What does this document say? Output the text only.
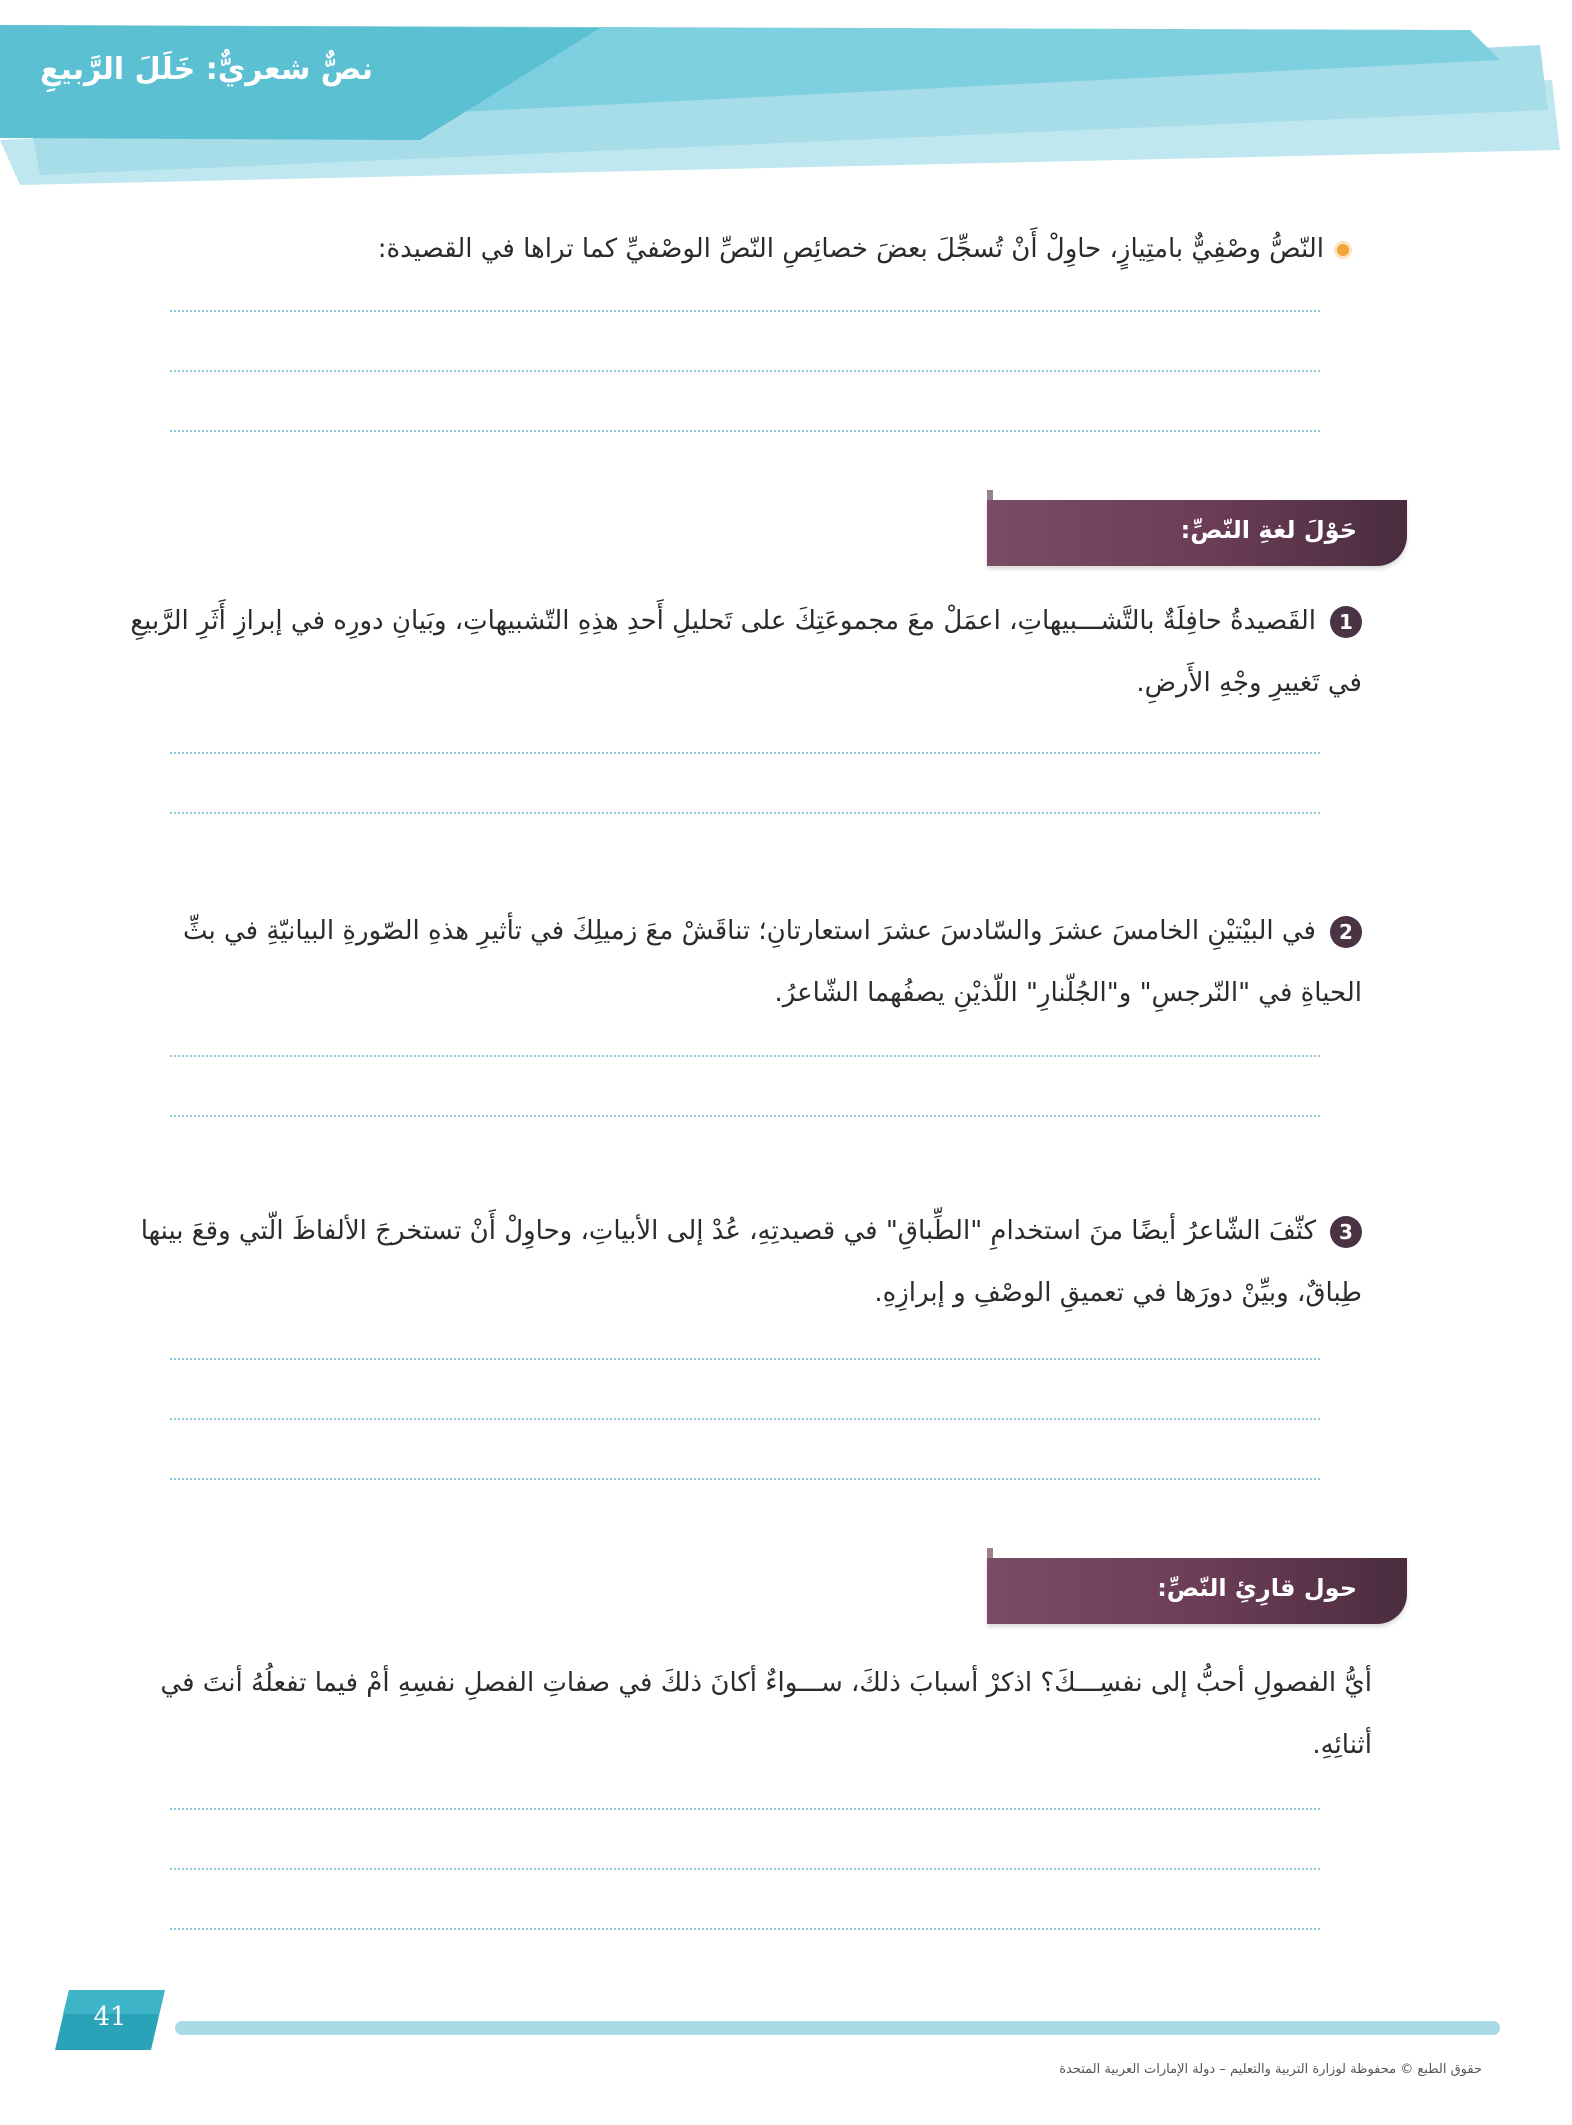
نصٌّ شعريٌّ: خَلَلَ الرَّبيعِ
النّصُّ وصْفِيٌّ بامتِيازٍ، حاوِلْ أَنْ تُسجِّلَ بعضَ خصائِصِ النّصِّ الوصْفيِّ كما تراها في القصيدة:
حَوْلَ لغةِ النّصِّ:
1القَصيدةُ حافِلَةٌ بالتَّشـــبيهاتِ، اعمَلْ معَ مجموعَتِكَ على تَحليلِ أَحدِ هذِهِ التّشبيهاتِ، وبَيانِ دورِه في إبرازِ أَثَرِ الرَّبيعِ في تَغييرِ وجْهِ الأَرضِ.
2في البيْتيْنِ الخامسَ عشرَ والسّادسَ عشرَ استعارتانِ؛ تناقَشْ معَ زميلِكَ في تأثيرِ هذهِ الصّورةِ البيانيّةِ في بثِّ الحياةِ في "النّرجسِ" و"الجُلّنارِ" اللّذيْنِ يصفُهما الشّاعرُ.
3كثّفَ الشّاعرُ أيضًا منَ استخدامِ "الطِّباقِ" في قصيدتِهِ، عُدْ إلى الأبياتِ، وحاوِلْ أَنْ تستخرجَ الألفاظَ الّتي وقعَ بينها طِباقٌ، وبيِّنْ دورَها في تعميقِ الوصْفِ و إبرازِهِ.
حول قارِئِ النّصِّ:
أيُّ الفصولِ أحبُّ إلى نفسِـــكَ؟ اذكرْ أسبابَ ذلكَ، ســـواءٌ أكانَ ذلكَ في صفاتِ الفصلِ نفسِهِ أمْ فيما تفعلُهُ أنتَ في أثنائِهِ.
41
حقوق الطبع © محفوظة لوزارة التربية والتعليم – دولة الإمارات العربية المتحدة
